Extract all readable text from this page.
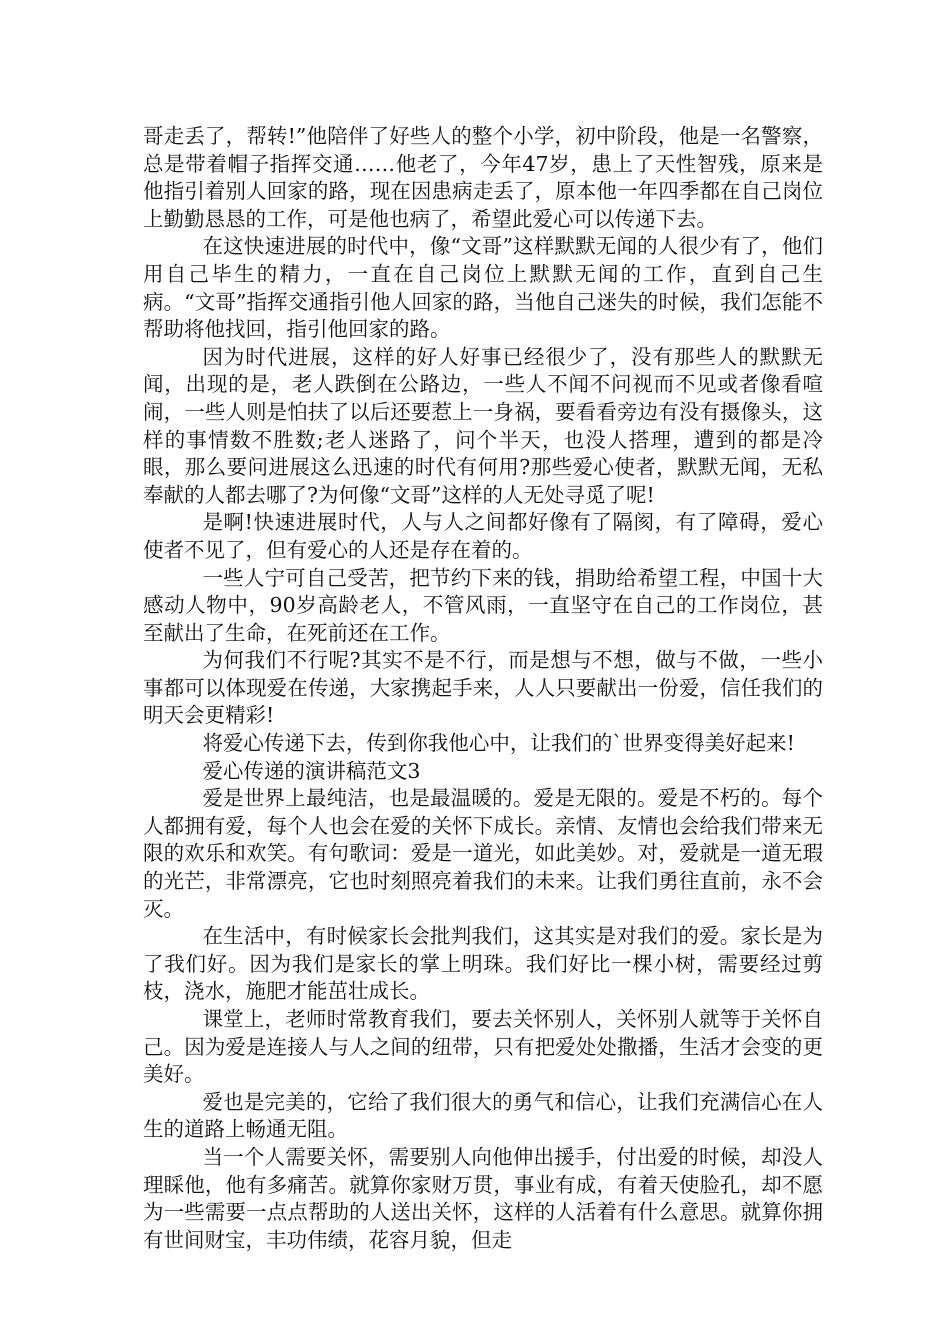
哥走丢了，帮转!”他陪伴了好些人的整个小学，初中阶段，他是一名警察，总是带着帽子指挥交通……他老了，今年47岁，患上了天性智残，原来是他指引着别人回家的路，现在因患病走丢了，原本他一年四季都在自己岗位上勤勤恳恳的工作，可是他也病了，希望此爱心可以传递下去。

在这快速进展的时代中，像“文哥”这样默默无闻的人很少有了，他们用自己毕生的精力，一直在自己岗位上默默无闻的工作，直到自己生病。“文哥”指挥交通指引他人回家的路，当他自己迷失的时候，我们怎能不帮助将他找回，指引他回家的路。

因为时代进展，这样的好人好事已经很少了，没有那些人的默默无闻，出现的是，老人跌倒在公路边，一些人不闻不问视而不见或者像看喧闹，一些人则是怕扶了以后还要惹上一身祸，要看看旁边有没有摄像头，这样的事情数不胜数;老人迷路了，问个半天，也没人搭理，遭到的都是冷眼，那么要问进展这么迅速的时代有何用?那些爱心使者，默默无闻，无私奉献的人都去哪了?为何像“文哥”这样的人无处寻觅了呢!

是啊!快速进展时代，人与人之间都好像有了隔阂，有了障碍，爱心使者不见了，但有爱心的人还是存在着的。

一些人宁可自己受苦，把节约下来的钱，捐助给希望工程，中国十大感动人物中，90岁高龄老人，不管风雨，一直坚守在自己的工作岗位，甚至献出了生命，在死前还在工作。

为何我们不行呢?其实不是不行，而是想与不想，做与不做，一些小事都可以体现爱在传递，大家携起手来，人人只要献出一份爱，信任我们的明天会更精彩!

将爱心传递下去，传到你我他心中，让我们的`世界变得美好起来!

爱心传递的演讲稿范文3

爱是世界上最纯洁，也是最温暖的。爱是无限的。爱是不朽的。每个人都拥有爱，每个人也会在爱的关怀下成长。亲情、友情也会给我们带来无限的欢乐和欢笑。有句歌词：爱是一道光，如此美妙。对，爱就是一道无瑕的光芒，非常漂亮，它也时刻照亮着我们的未来。让我们勇往直前，永不会灭。

在生活中，有时候家长会批判我们，这其实是对我们的爱。家长是为了我们好。因为我们是家长的掌上明珠。我们好比一棵小树，需要经过剪枝，浇水，施肥才能茁壮成长。

课堂上，老师时常教育我们，要去关怀别人，关怀别人就等于关怀自己。因为爱是连接人与人之间的纽带，只有把爱处处撒播，生活才会变的更美好。

爱也是完美的，它给了我们很大的勇气和信心，让我们充满信心在人生的道路上畅通无阻。

当一个人需要关怀，需要别人向他伸出援手，付出爱的时候，却没人理睬他，他有多痛苦。就算你家财万贯，事业有成，有着天使脸孔，却不愿为一些需要一点点帮助的人送出关怀，这样的人活着有什么意思。就算你拥有世间财宝，丰功伟绩，花容月貌，但走
